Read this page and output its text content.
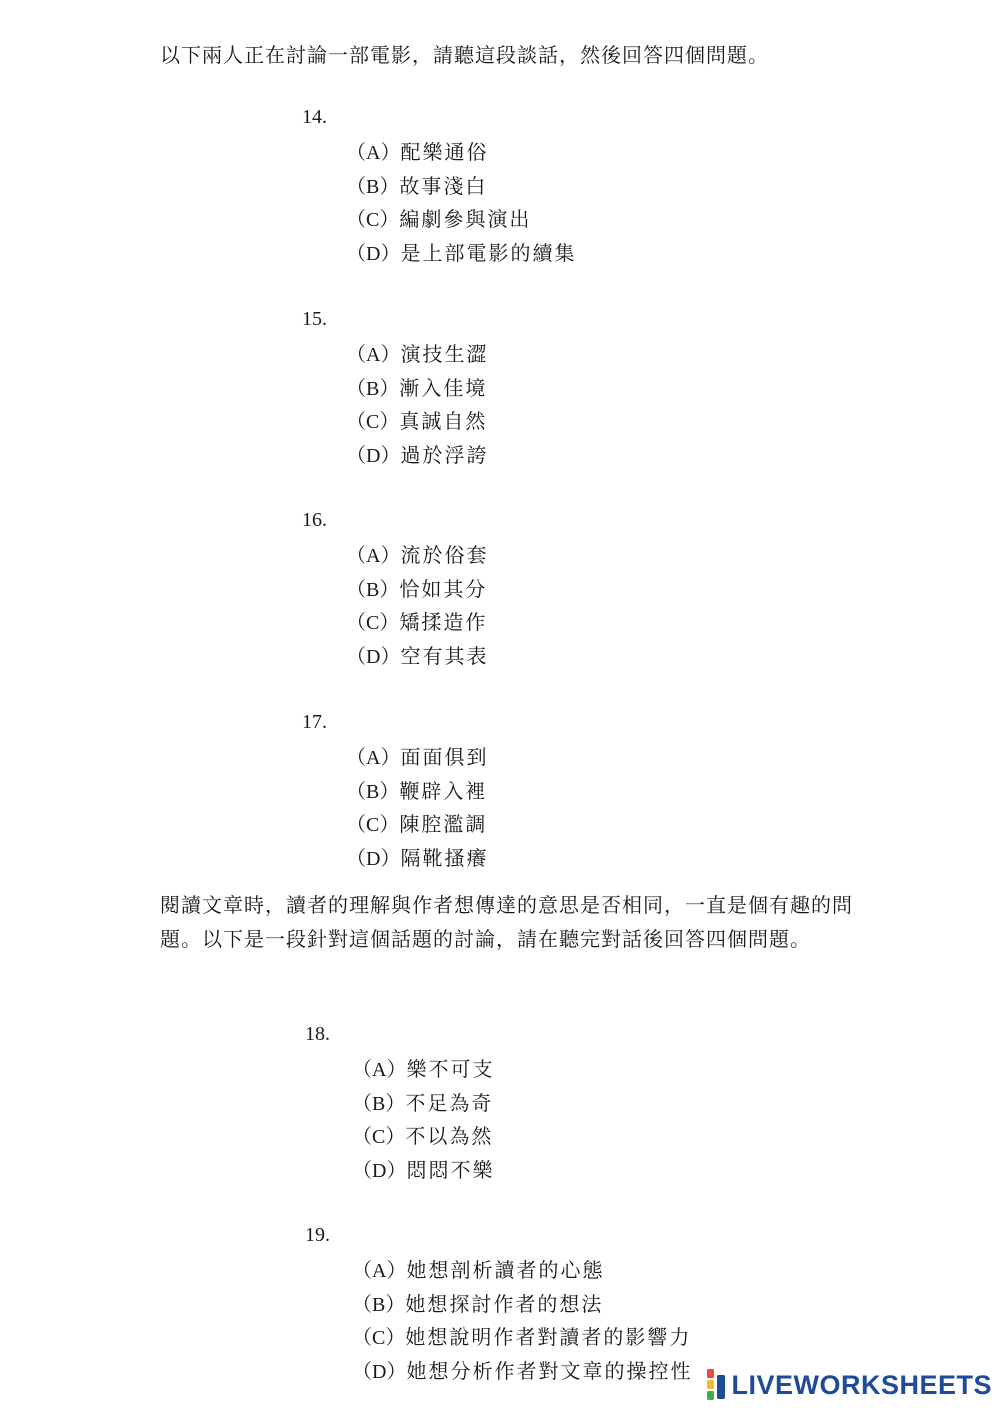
以下兩人正在討論一部電影，請聽這段談話，然後回答四個問題。

14.
（A）配樂通俗
（B）故事淺白
（C）編劇參與演出
（D）是上部電影的續集
15.
（A）演技生澀
（B）漸入佳境
（C）真誠自然
（D）過於浮誇
16.
（A）流於俗套
（B）恰如其分
（C）矯揉造作
（D）空有其表
17.
（A）面面俱到
（B）鞭辟入裡
（C）陳腔濫調
（D）隔靴搔癢

閱讀文章時，讀者的理解與作者想傳達的意思是否相同，一直是個有趣的問題。以下是一段針對這個話題的討論，請在聽完對話後回答四個問題。

18.
（A）樂不可支
（B）不足為奇
（C）不以為然
（D）悶悶不樂
19.
（A）她想剖析讀者的心態
（B）她想探討作者的想法
（C）她想說明作者對讀者的影響力
（D）她想分析作者對文章的操控性 LIVEWORKSHEETS
